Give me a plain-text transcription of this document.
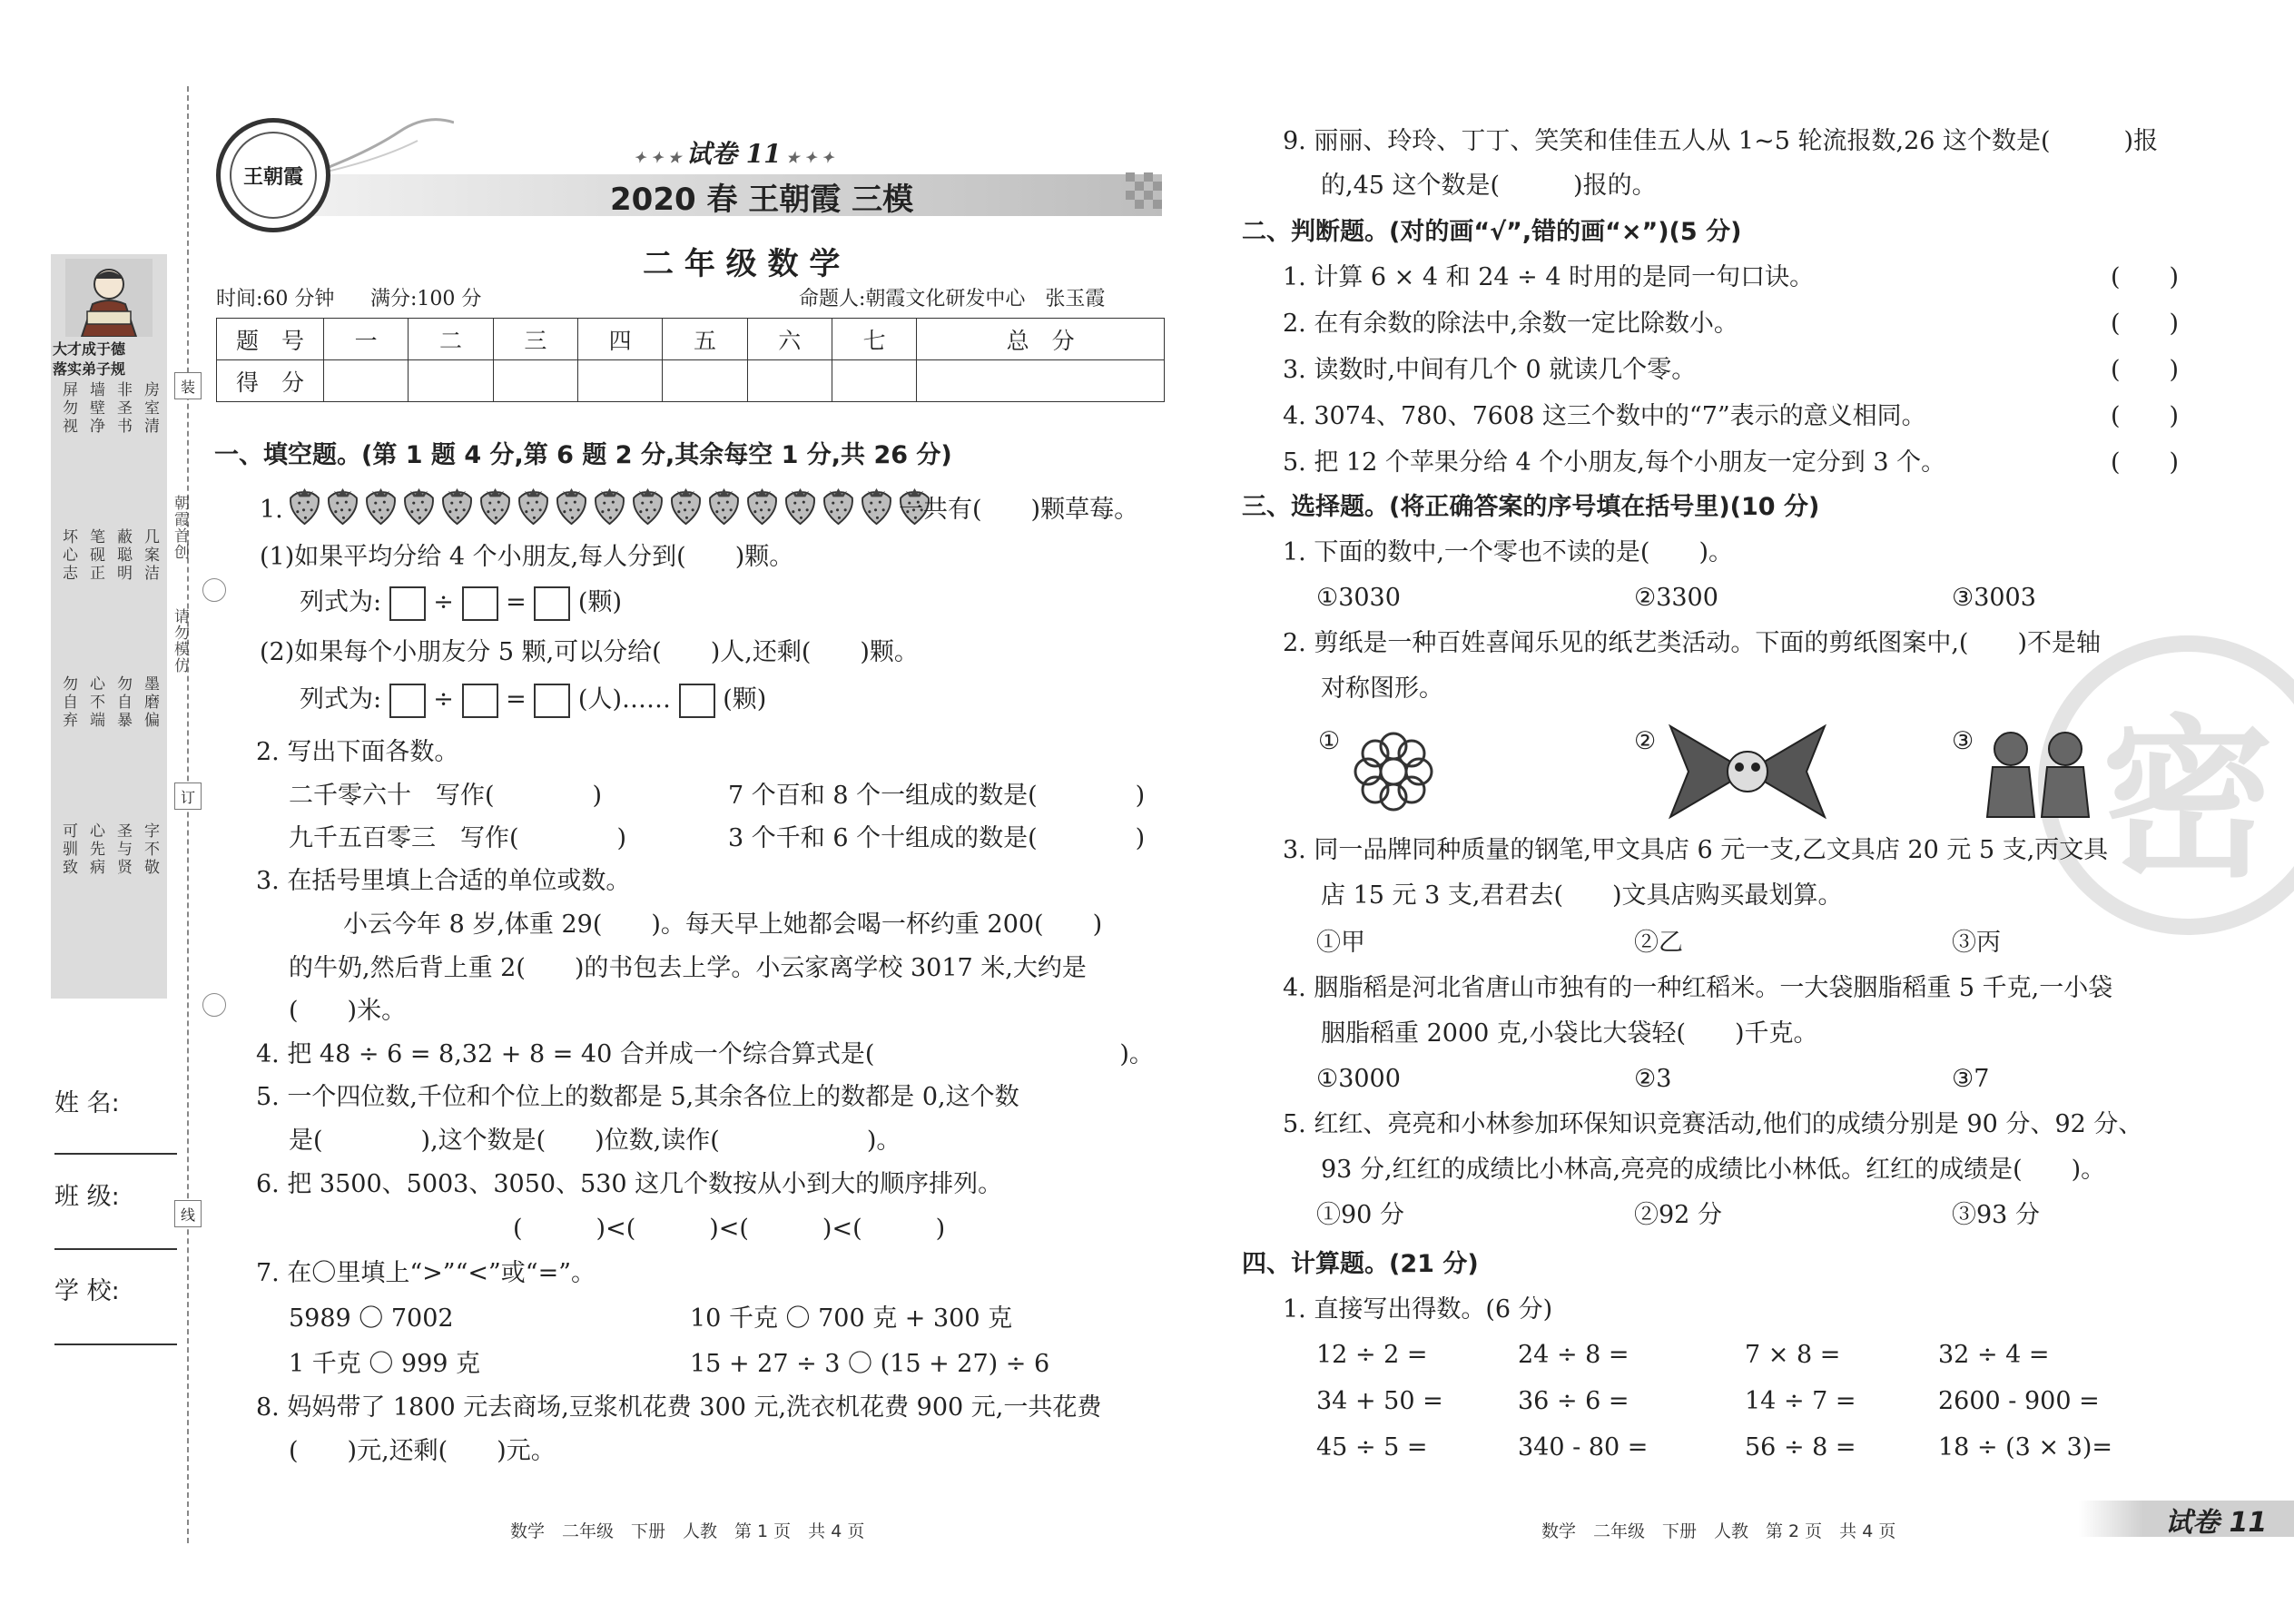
装
订
线
朝霞首创
请勿模仿
大才成于德
落实弟子规
房室清
非圣书
墙壁净
屏勿视
几案洁
蔽聪明
笔砚正
坏心志
墨磨偏
勿自暴
心不端
勿自弃
字不敬
圣与贤
心先病
可驯致
姓 名:
班 级:
学 校:
王朝霞
✦ ✦ ★ 试卷 11 ★ ✦ ✦
2020 春 王朝霞 三模
二 年 级 数 学
时间:60 分钟 满分:100 分	命题人:朝霞文化研发中心　张玉霞
题　号	一	二	三	四	五	六	七	总　分
得　分								
一、填空题。(第 1 题 4 分,第 6 题 2 分,其余每空 1 分,共 26 分)
1.	一共有(　　)颗草莓。
(1)如果平均分给 4 个小朋友,每人分到(　　)颗。
列式为: ÷ = (颗)
(2)如果每个小朋友分 5 颗,可以分给(　　)人,还剩(　　)颗。
列式为: ÷ = (人)…… (颗)
2. 写出下面各数。
二千零六十　写作(　　　　)	7 个百和 8 个一组成的数是(　　　　)
九千五百零三　写作(　　　　)	3 个千和 6 个十组成的数是(　　　　)
3. 在括号里填上合适的单位或数。
小云今年 8 岁,体重 29(　　)。每天早上她都会喝一杯约重 200(　　)
的牛奶,然后背上重 2(　　)的书包去上学。小云家离学校 3017 米,大约是
(　　)米。
4. 把 48 ÷ 6 = 8,32 + 8 = 40 合并成一个综合算式是(　　　　　　　　　　)。
5. 一个四位数,千位和个位上的数都是 5,其余各位上的数都是 0,这个数
是(　　　　),这个数是(　　)位数,读作(　　　　　　)。
6. 把 3500、5003、3050、530 这几个数按从小到大的顺序排列。
(　　　)<(　　　)<(　　　)<(　　　)
7. 在〇里填上“>”“<”或“=”。
5989 〇 7002	10 千克 〇 700 克 + 300 克
1 千克 〇 999 克	15 + 27 ÷ 3 〇 (15 + 27) ÷ 6
8. 妈妈带了 1800 元去商场,豆浆机花费 300 元,洗衣机花费 900 元,一共花费
(　　)元,还剩(　　)元。
数学　二年级　下册　人教　第 1 页　共 4 页
密
9. 丽丽、玲玲、丁丁、笑笑和佳佳五人从 1~5 轮流报数,26 这个数是(　　　)报
的,45 这个数是(　　　)报的。
二、判断题。(对的画“√”,错的画“×”)(5 分)
1. 计算 6 × 4 和 24 ÷ 4 时用的是同一句口诀。	(　　)
2. 在有余数的除法中,余数一定比除数小。	(　　)
3. 读数时,中间有几个 0 就读几个零。	(　　)
4. 3074、780、7608 这三个数中的“7”表示的意义相同。	(　　)
5. 把 12 个苹果分给 4 个小朋友,每个小朋友一定分到 3 个。	(　　)
三、选择题。(将正确答案的序号填在括号里)(10 分)
1. 下面的数中,一个零也不读的是(　　)。
①3030	②3300	③3003
2. 剪纸是一种百姓喜闻乐见的纸艺类活动。下面的剪纸图案中,(　　)不是轴
对称图形。
①	②	③
3. 同一品牌同种质量的钢笔,甲文具店 6 元一支,乙文具店 20 元 5 支,丙文具
店 15 元 3 支,君君去(　　)文具店购买最划算。
①甲	②乙	③丙
4. 胭脂稻是河北省唐山市独有的一种红稻米。一大袋胭脂稻重 5 千克,一小袋
胭脂稻重 2000 克,小袋比大袋轻(　　)千克。
①3000	②3	③7
5. 红红、亮亮和小林参加环保知识竞赛活动,他们的成绩分别是 90 分、92 分、
93 分,红红的成绩比小林高,亮亮的成绩比小林低。红红的成绩是(　　)。
①90 分	②92 分	③93 分
四、计算题。(21 分)
1. 直接写出得数。(6 分)
12 ÷ 2 =	24 ÷ 8 =	7 × 8 =	32 ÷ 4 =
34 + 50 =	36 ÷ 6 =	14 ÷ 7 =	2600 - 900 =
45 ÷ 5 =	340 - 80 =	56 ÷ 8 =	18 ÷ (3 × 3)=
数学　二年级　下册　人教　第 2 页　共 4 页	试卷 11
